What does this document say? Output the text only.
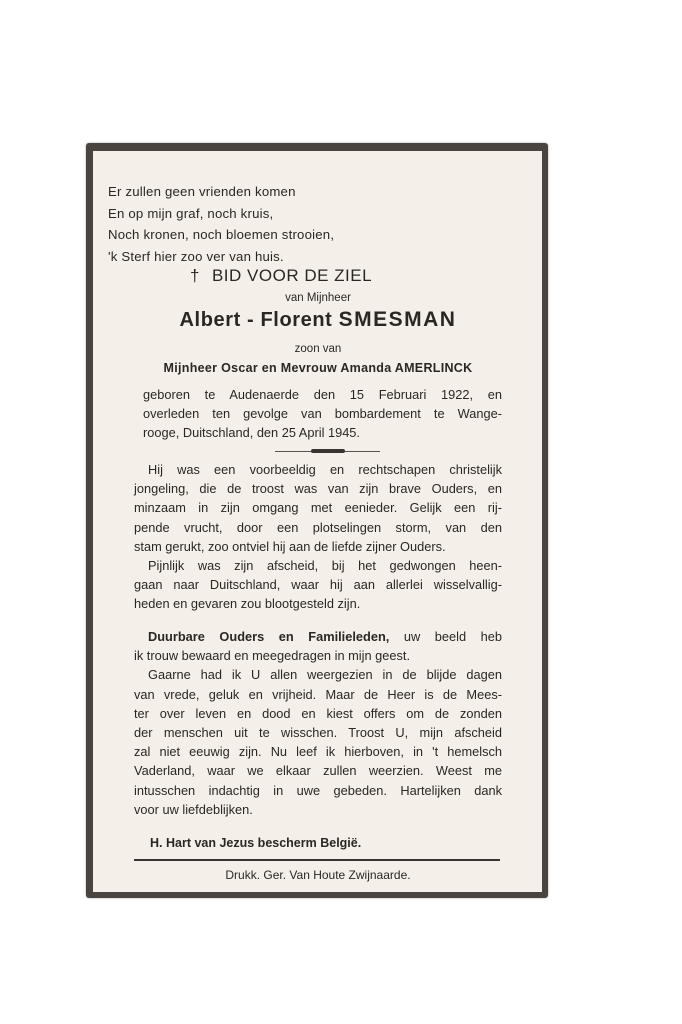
Er zullen geen vrienden komen
En op mijn graf, noch kruis,
Noch kronen, noch bloemen strooien,
'k Sterf hier zoo ver van huis.
† BID VOOR DE ZIEL
van Mijnheer
Albert - Florent SMESMAN
zoon van
Mijnheer Oscar en Mevrouw Amanda AMERLINCK
geboren te Audenaerde den 15 Februari 1922, en
overleden ten gevolge van bombardement te Wange-
rooge, Duitschland, den 25 April 1945.
Hij was een voorbeeldig en rechtschapen christelijk
jongeling, die de troost was van zijn brave Ouders, en
minzaam in zijn omgang met eenieder. Gelijk een rij-
pende vrucht, door een plotselingen storm, van den
stam gerukt, zoo ontviel hij aan de liefde zijner Ouders.
Pijnlijk was zijn afscheid, bij het gedwongen heen-
gaan naar Duitschland, waar hij aan allerlei wisselvallig-
heden en gevaren zou blootgesteld zijn.
Duurbare Ouders en Familieleden, uw beeld heb
ik trouw bewaard en meegedragen in mijn geest.
Gaarne had ik U allen weergezien in de blijde dagen
van vrede, geluk en vrijheid. Maar de Heer is de Mees-
ter over leven en dood en kiest offers om de zonden
der menschen uit te wisschen. Troost U, mijn afscheid
zal niet eeuwig zijn. Nu leef ik hierboven, in 't hemelsch
Vaderland, waar we elkaar zullen weerzien. Weest me
intusschen indachtig in uwe gebeden. Hartelijken dank
voor uw liefdeblijken.
H. Hart van Jezus bescherm België.
Drukk. Ger. Van Houte Zwijnaarde.
